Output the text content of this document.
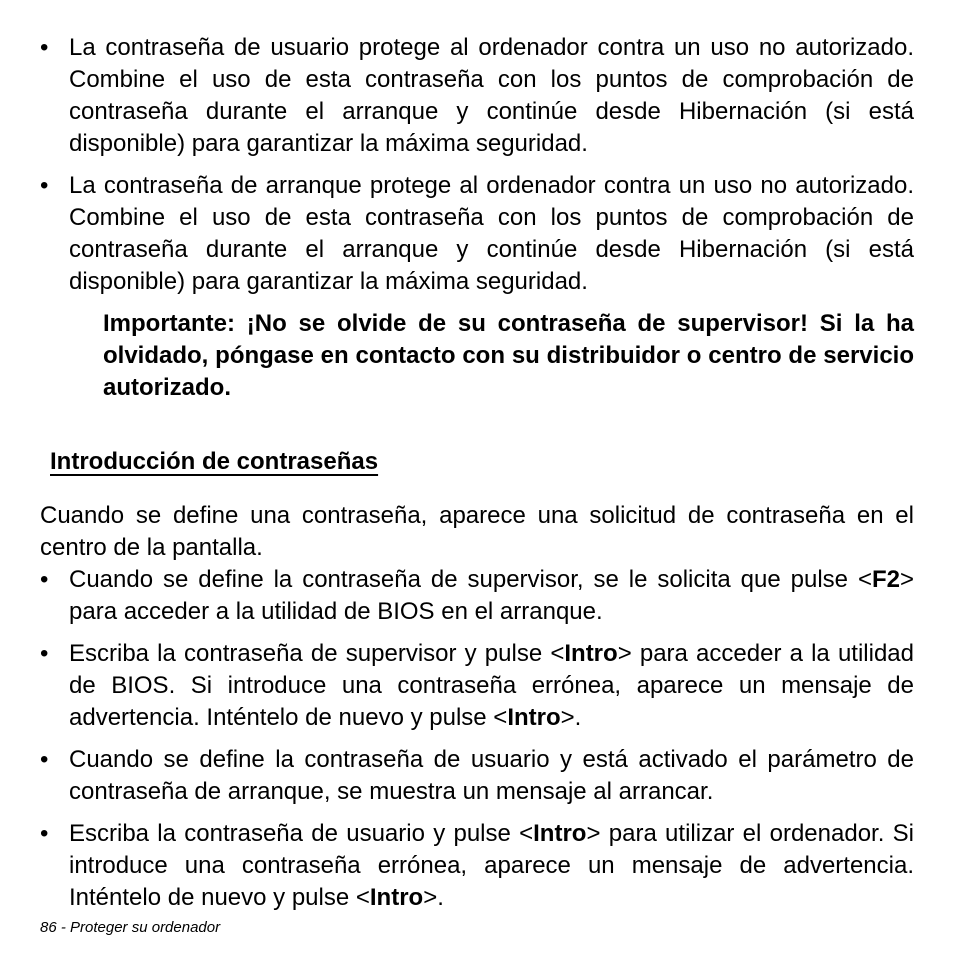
• La contraseña de usuario protege al ordenador contra un uso no autorizado. Combine el uso de esta contraseña con los puntos de comprobación de contraseña durante el arranque y continúe desde Hibernación (si está disponible) para garantizar la máxima seguridad.
• La contraseña de arranque protege al ordenador contra un uso no autorizado. Combine el uso de esta contraseña con los puntos de comprobación de contraseña durante el arranque y continúe desde Hibernación (si está disponible) para garantizar la máxima seguridad.
Importante: ¡No se olvide de su contraseña de supervisor! Si la ha olvidado, póngase en contacto con su distribuidor o centro de servicio autorizado.
Introducción de contraseñas
Cuando se define una contraseña, aparece una solicitud de contraseña en el centro de la pantalla.
• Cuando se define la contraseña de supervisor, se le solicita que pulse <F2> para acceder a la utilidad de BIOS en el arranque.
• Escriba la contraseña de supervisor y pulse <Intro> para acceder a la utilidad de BIOS. Si introduce una contraseña errónea, aparece un mensaje de advertencia. Inténtelo de nuevo y pulse <Intro>.
• Cuando se define la contraseña de usuario y está activado el parámetro de contraseña de arranque, se muestra un mensaje al arrancar.
• Escriba la contraseña de usuario y pulse <Intro> para utilizar el ordenador. Si introduce una contraseña errónea, aparece un mensaje de advertencia. Inténtelo de nuevo y pulse <Intro>.
86 - Proteger su ordenador
